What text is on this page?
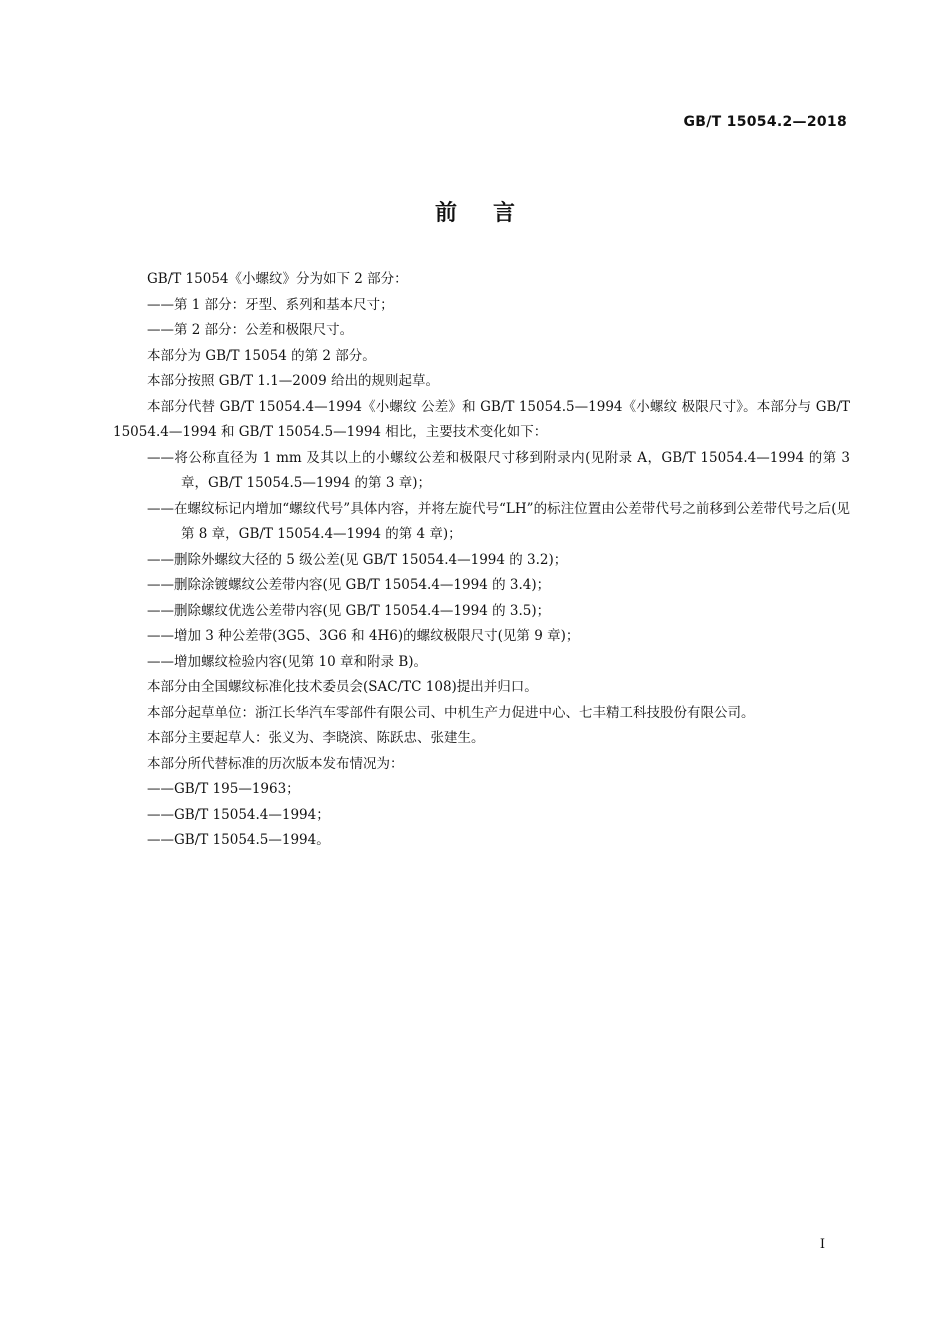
GB/T 15054.2—2018
前言

GB/T 15054《小螺纹》分为如下 2 部分：

——第 1 部分：牙型、系列和基本尺寸；

——第 2 部分：公差和极限尺寸。

本部分为 GB/T 15054 的第 2 部分。

本部分按照 GB/T 1.1—2009 给出的规则起草。

本部分代替 GB/T 15054.4—1994《小螺纹 公差》和 GB/T 15054.5—1994《小螺纹 极限尺寸》。本部分与 GB/T 15054.4—1994 和 GB/T 15054.5—1994 相比，主要技术变化如下：

——将公称直径为 1 mm 及其以上的小螺纹公差和极限尺寸移到附录内(见附录 A，GB/T 15054.4—1994 的第 3 章，GB/T 15054.5—1994 的第 3 章)；

——在螺纹标记内增加“螺纹代号”具体内容，并将左旋代号“LH”的标注位置由公差带代号之前移到公差带代号之后(见第 8 章，GB/T 15054.4—1994 的第 4 章)；

——删除外螺纹大径的 5 级公差(见 GB/T 15054.4—1994 的 3.2)；

——删除涂镀螺纹公差带内容(见 GB/T 15054.4—1994 的 3.4)；

——删除螺纹优选公差带内容(见 GB/T 15054.4—1994 的 3.5)；

——增加 3 种公差带(3G5、3G6 和 4H6)的螺纹极限尺寸(见第 9 章)；

——增加螺纹检验内容(见第 10 章和附录 B)。

本部分由全国螺纹标准化技术委员会(SAC/TC 108)提出并归口。

本部分起草单位：浙江长华汽车零部件有限公司、中机生产力促进中心、七丰精工科技股份有限公司。

本部分主要起草人：张义为、李晓滨、陈跃忠、张建生。

本部分所代替标准的历次版本发布情况为：

——GB/T 195—1963；

——GB/T 15054.4—1994；

——GB/T 15054.5—1994。

I
